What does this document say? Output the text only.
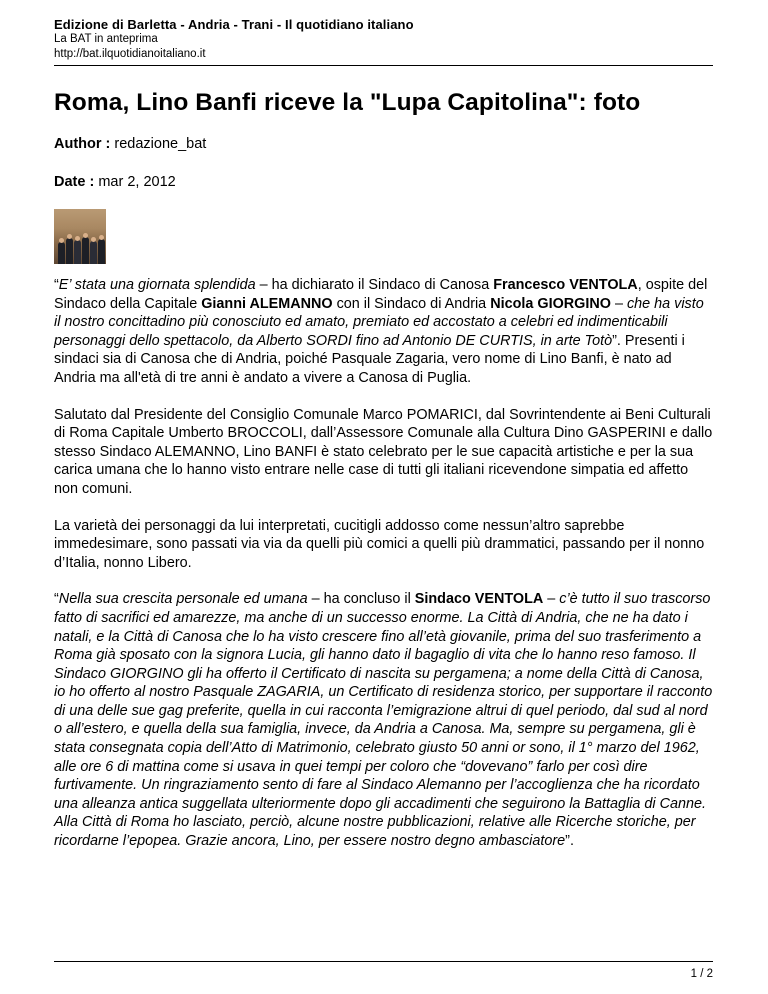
Edizione di Barletta - Andria - Trani - Il quotidiano italiano
La BAT in anteprima
http://bat.ilquotidianoitaliano.it
Roma, Lino Banfi riceve la "Lupa Capitolina": foto
Author : redazione_bat
Date : mar 2, 2012

“E’ stata una giornata splendida – ha dichiarato il Sindaco di Canosa Francesco VENTOLA, ospite del Sindaco della Capitale Gianni ALEMANNO con il Sindaco di Andria Nicola GIORGINO – che ha visto il nostro concittadino più conosciuto ed amato, premiato ed accostato a celebri ed indimenticabili personaggi dello spettacolo, da Alberto SORDI fino ad Antonio DE CURTIS, in arte Totò”. Presenti i sindaci sia di Canosa che di Andria, poiché Pasquale Zagaria, vero nome di Lino Banfi, è nato ad Andria ma all'età di tre anni è andato a vivere a Canosa di Puglia.

Salutato dal Presidente del Consiglio Comunale Marco POMARICI, dal Sovrintendente ai Beni Culturali di Roma Capitale Umberto BROCCOLI, dall’Assessore Comunale alla Cultura Dino GASPERINI e dallo stesso Sindaco ALEMANNO, Lino BANFI è stato celebrato per le sue capacità artistiche e per la sua carica umana che lo hanno visto entrare nelle case di tutti gli italiani ricevendone simpatia ed affetto non comuni.

La varietà dei personaggi da lui interpretati, cucitigli addosso come nessun’altro saprebbe immedesimare, sono passati via via da quelli più comici a quelli più drammatici, passando per il nonno d’Italia, nonno Libero.

“Nella sua crescita personale ed umana – ha concluso il Sindaco VENTOLA – c’è tutto il suo trascorso fatto di sacrifici ed amarezze, ma anche di un successo enorme. La Città di Andria, che ne ha dato i natali, e la Città di Canosa che lo ha visto crescere fino all’età giovanile, prima del suo trasferimento a Roma già sposato con la signora Lucia, gli hanno dato il bagaglio di vita che lo hanno reso famoso. Il Sindaco GIORGINO gli ha offerto il Certificato di nascita su pergamena; a nome della Città di Canosa, io ho offerto al nostro Pasquale ZAGARIA, un Certificato di residenza storico, per supportare il racconto di una delle sue gag preferite, quella in cui racconta l’emigrazione altrui di quel periodo, dal sud al nord o all’estero, e quella della sua famiglia, invece, da Andria a Canosa. Ma, sempre su pergamena, gli è stata consegnata copia dell’Atto di Matrimonio, celebrato giusto 50 anni or sono, il 1° marzo del 1962, alle ore 6 di mattina come si usava in quei tempi per coloro che “dovevano” farlo per così dire furtivamente. Un ringraziamento sento di fare al Sindaco Alemanno per l’accoglienza che ha ricordato una alleanza antica suggellata ulteriormente dopo gli accadimenti che seguirono la Battaglia di Canne. Alla Città di Roma ho lasciato, perciò, alcune nostre pubblicazioni, relative alle Ricerche storiche, per ricordarne l’epopea. Grazie ancora, Lino, per essere nostro degno ambasciatore”.

1 / 2
